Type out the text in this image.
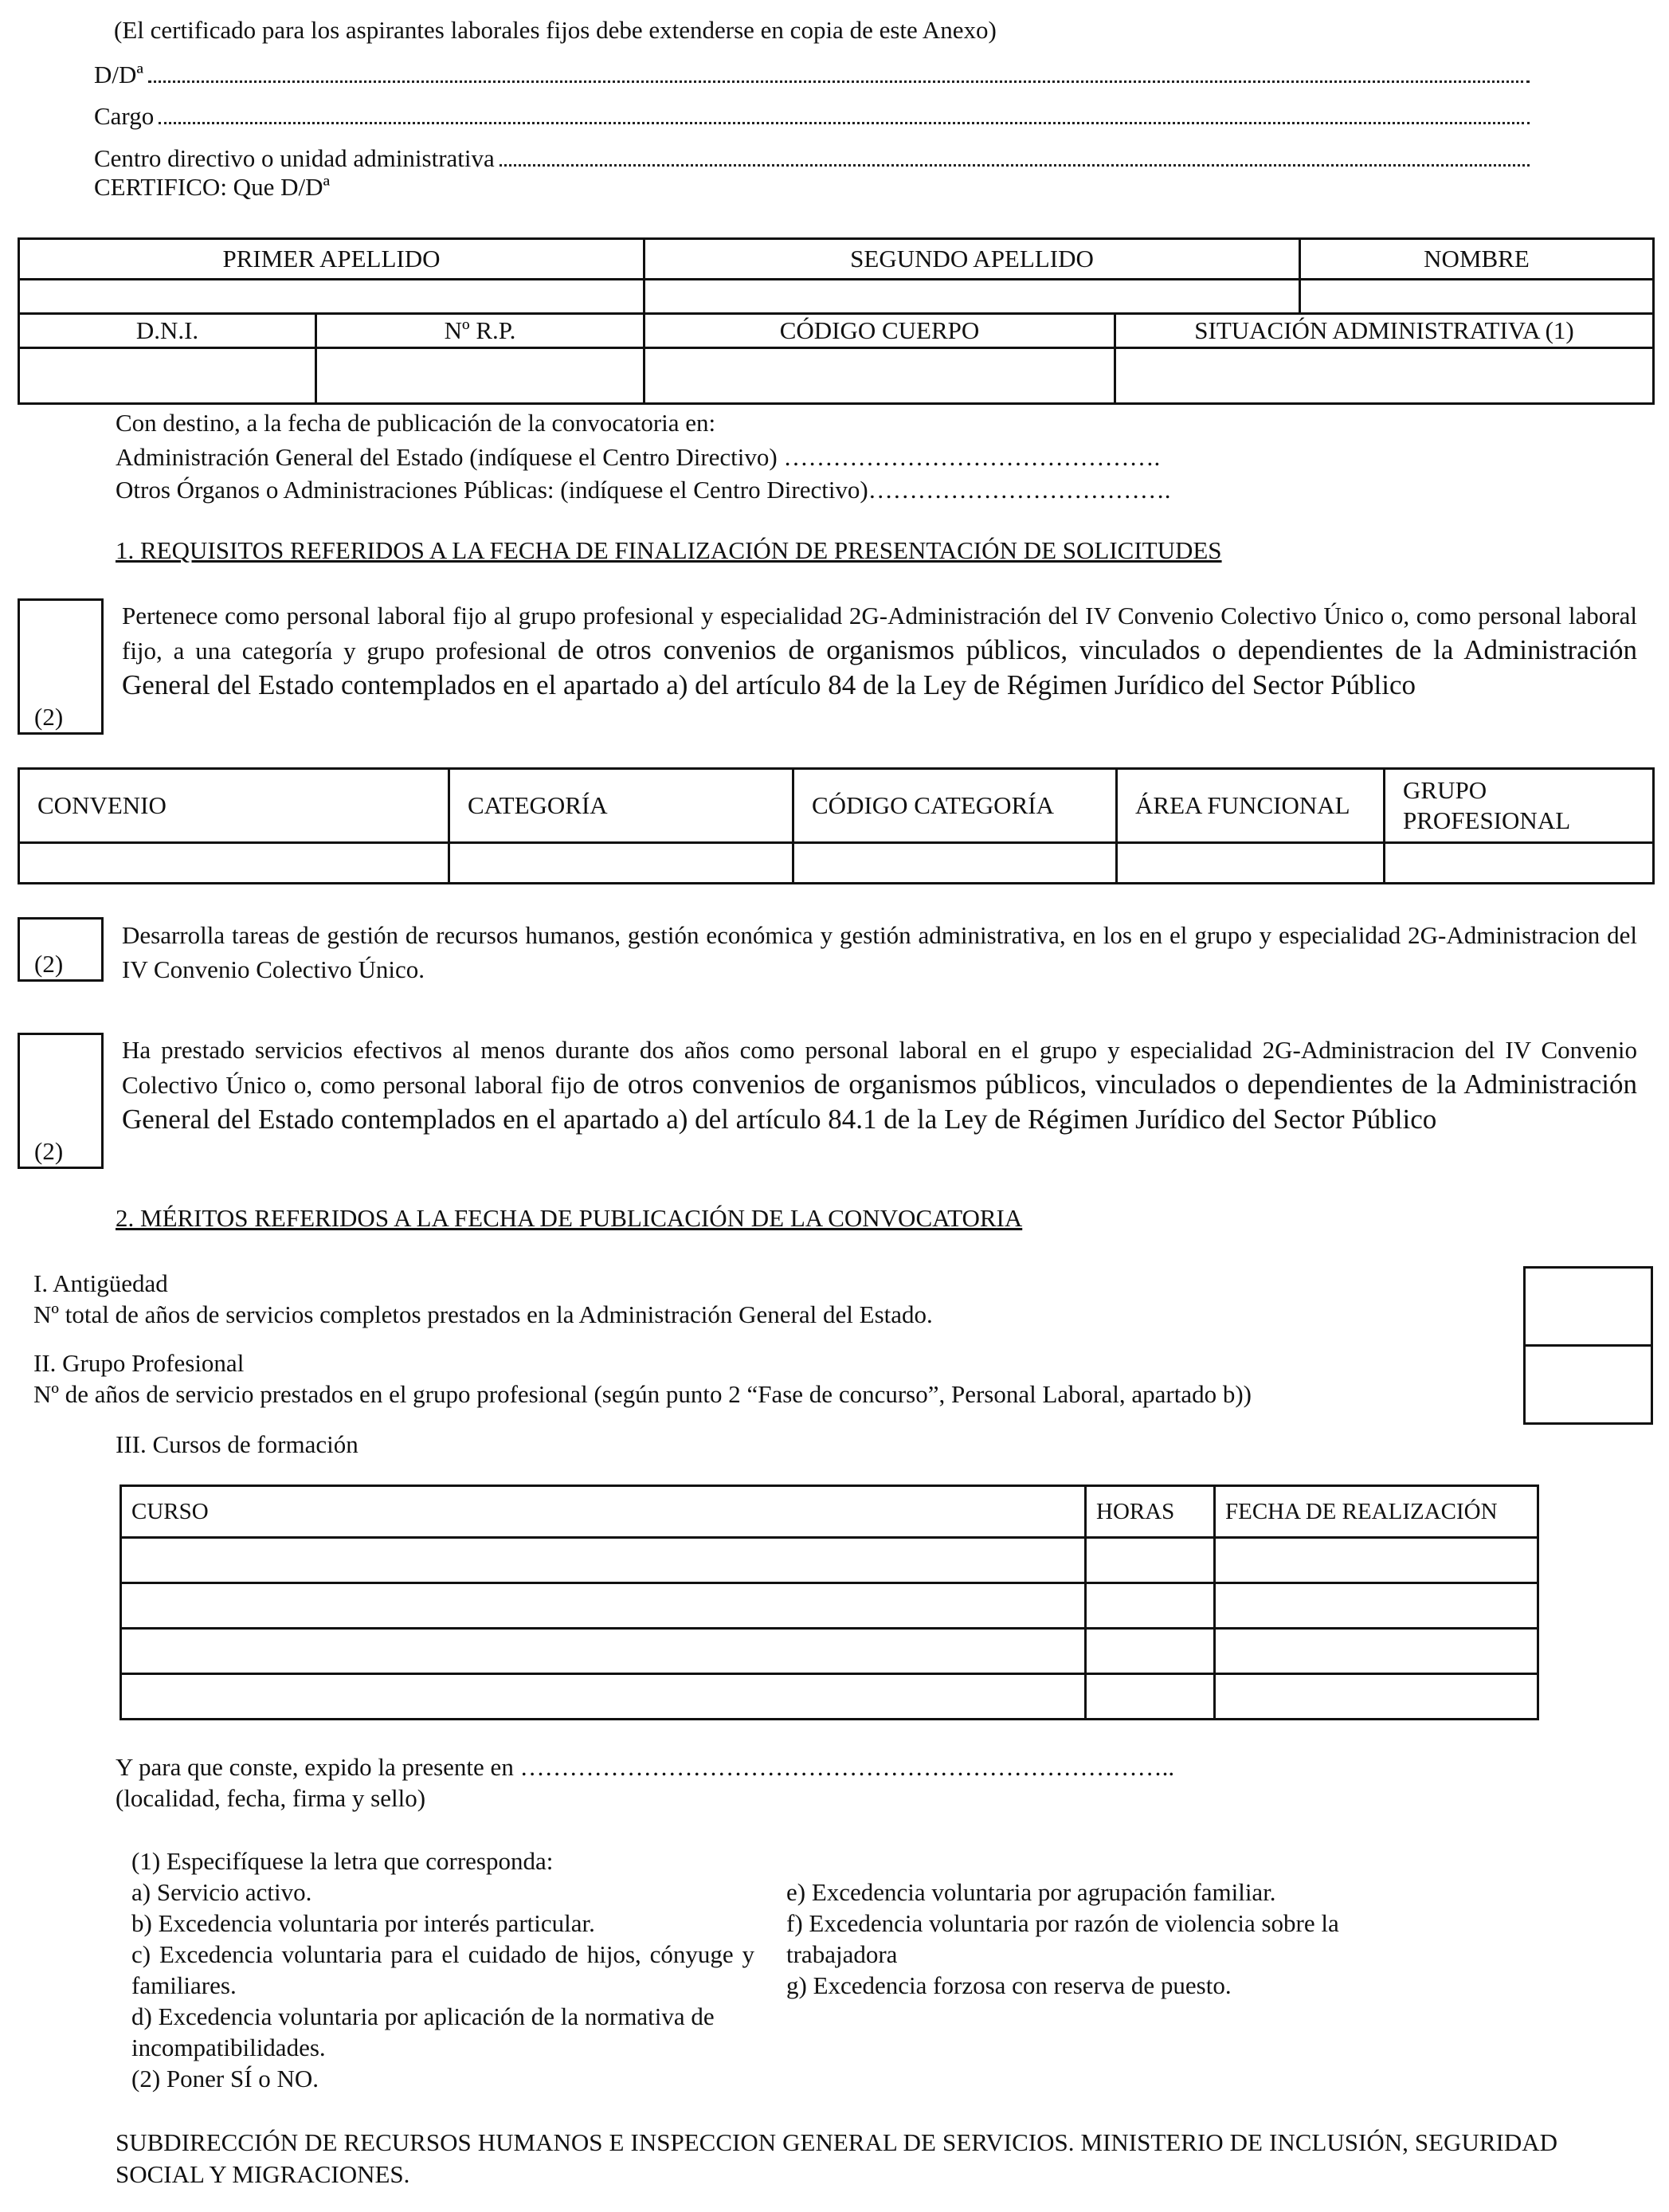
(El certificado para los aspirantes laborales fijos debe extenderse en copia de este Anexo)
D/Dª
Cargo
Centro directivo o unidad administrativa
CERTIFICO: Que D/Dª
PRIMER APELLIDO		SEGUNDO APELLIDO		NOMBRE

D.N.I.	Nº R.P.	CÓDIGO CUERPO	SITUACIÓN ADMINISTRATIVA (1)	

Con destino, a la fecha de publicación de la convocatoria en:
Administración General del Estado (indíquese el Centro Directivo) ……………………………………….
Otros Órganos o Administraciones Públicas: (indíquese el Centro Directivo)……………………………….
1. REQUISITOS REFERIDOS A LA FECHA DE FINALIZACIÓN DE PRESENTACIÓN DE SOLICITUDES
(2)
Pertenece como personal laboral fijo al grupo profesional y especialidad 2G-Administración del IV Convenio Colectivo Único o, como personal laboral fijo, a una categoría y grupo profesional de otros convenios de organismos públicos, vinculados o dependientes de la Administración General del Estado contemplados en el apartado a) del artículo 84 de la Ley de Régimen Jurídico del Sector Público
CONVENIO	CATEGORÍA	CÓDIGO CATEGORÍA	ÁREA FUNCIONAL	GRUPO PROFESIONAL

(2)
Desarrolla tareas de gestión de recursos humanos, gestión económica y gestión administrativa, en los en el grupo y especialidad 2G-Administracion del IV Convenio Colectivo Único.
(2)
Ha prestado servicios efectivos al menos durante dos años como personal laboral en el grupo y especialidad 2G-Administracion del IV Convenio Colectivo Único o, como personal laboral fijo de otros convenios de organismos públicos, vinculados o dependientes de la Administración General del Estado contemplados en el apartado a) del artículo 84.1 de la Ley de Régimen Jurídico del Sector Público
2. MÉRITOS REFERIDOS A LA FECHA DE PUBLICACIÓN DE LA CONVOCATORIA
I. Antigüedad
Nº total de años de servicios completos prestados en la Administración General del Estado.
II. Grupo Profesional
Nº de años de servicio prestados en el grupo profesional (según punto 2 “Fase de concurso”, Personal Laboral, apartado b))
III. Cursos de formación
CURSO	HORAS	FECHA DE REALIZACIÓN

Y para que conste, expido la presente en ……………………………………………………………………..
(localidad, fecha, firma y sello)
(1) Especifíquese la letra que corresponda:
a) Servicio activo.
b) Excedencia voluntaria por interés particular.
c) Excedencia voluntaria para el cuidado de hijos, cónyuge y familiares.
d) Excedencia voluntaria por aplicación de la normativa de incompatibilidades.
(2) Poner SÍ o NO.
e) Excedencia voluntaria por agrupación familiar.
f) Excedencia voluntaria por razón de violencia sobre la trabajadora
g) Excedencia forzosa con reserva de puesto.
SUBDIRECCIÓN DE RECURSOS HUMANOS E INSPECCION GENERAL DE SERVICIOS. MINISTERIO DE INCLUSIÓN, SEGURIDAD SOCIAL Y MIGRACIONES.
